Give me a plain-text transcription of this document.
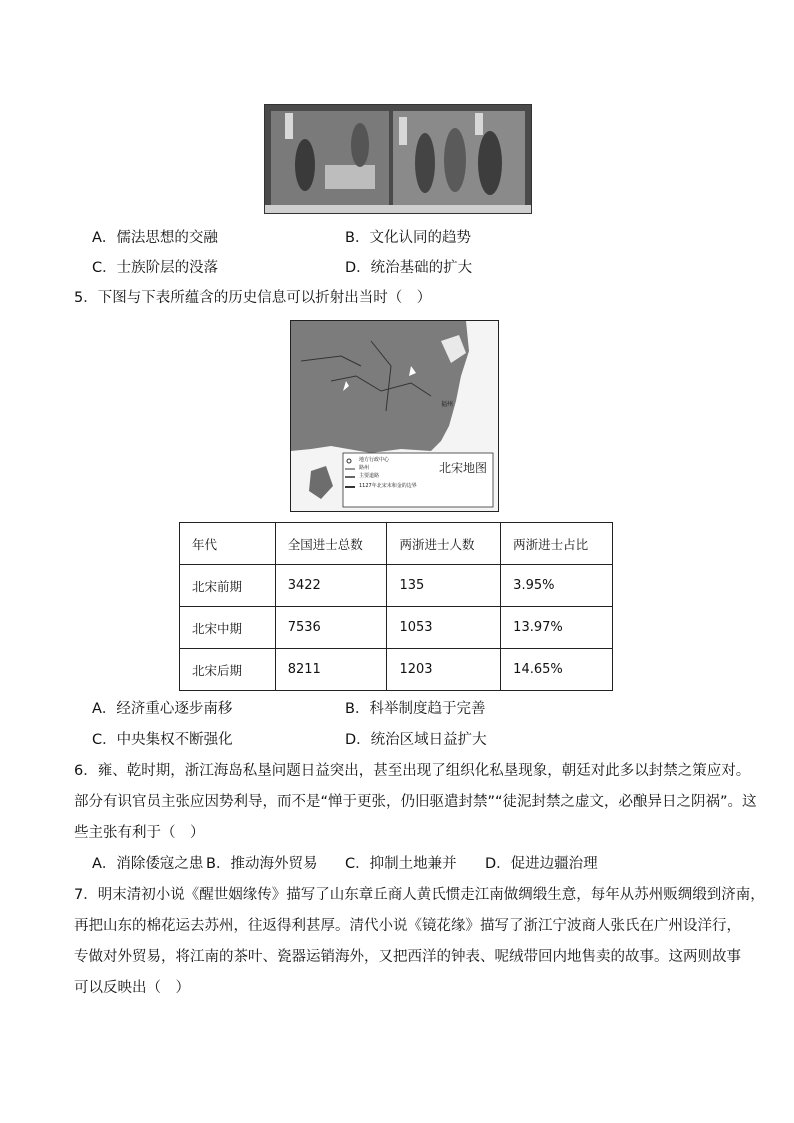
A．儒法思想的交融	B．文化认同的趋势
C．士族阶层的没落	D．统治基础的扩大
5．下图与下表所蕴含的历史信息可以折射出当时（　）
地方行政中心
路州
主要道路
1127年北宋末和金的边界
北宋地图
福州
年代	全国进士总数	两浙进士人数	两浙进士占比
北宋前期	3422	135	3.95%
北宋中期	7536	1053	13.97%
北宋后期	8211	1203	14.65%
A．经济重心逐步南移	B．科举制度趋于完善
C．中央集权不断强化	D．统治区域日益扩大
6．雍、乾时期，浙江海岛私垦问题日益突出，甚至出现了组织化私垦现象，朝廷对此多以封禁之策应对。
部分有识官员主张应因势利导，而不是“惮于更张，仍旧驱遣封禁”“徒泥封禁之虚文，必酿异日之阴祸”。这
些主张有利于（　）
A．消除倭寇之患 B．推动海外贸易 C．抑制土地兼并 D．促进边疆治理
7．明末清初小说《醒世姻缘传》描写了山东章丘商人黄氏惯走江南做绸缎生意，每年从苏州贩绸缎到济南，
再把山东的棉花运去苏州，往返得利甚厚。清代小说《镜花缘》描写了浙江宁波商人张氏在广州设洋行，
专做对外贸易，将江南的茶叶、瓷器运销海外，又把西洋的钟表、呢绒带回内地售卖的故事。这两则故事
可以反映出（　）
